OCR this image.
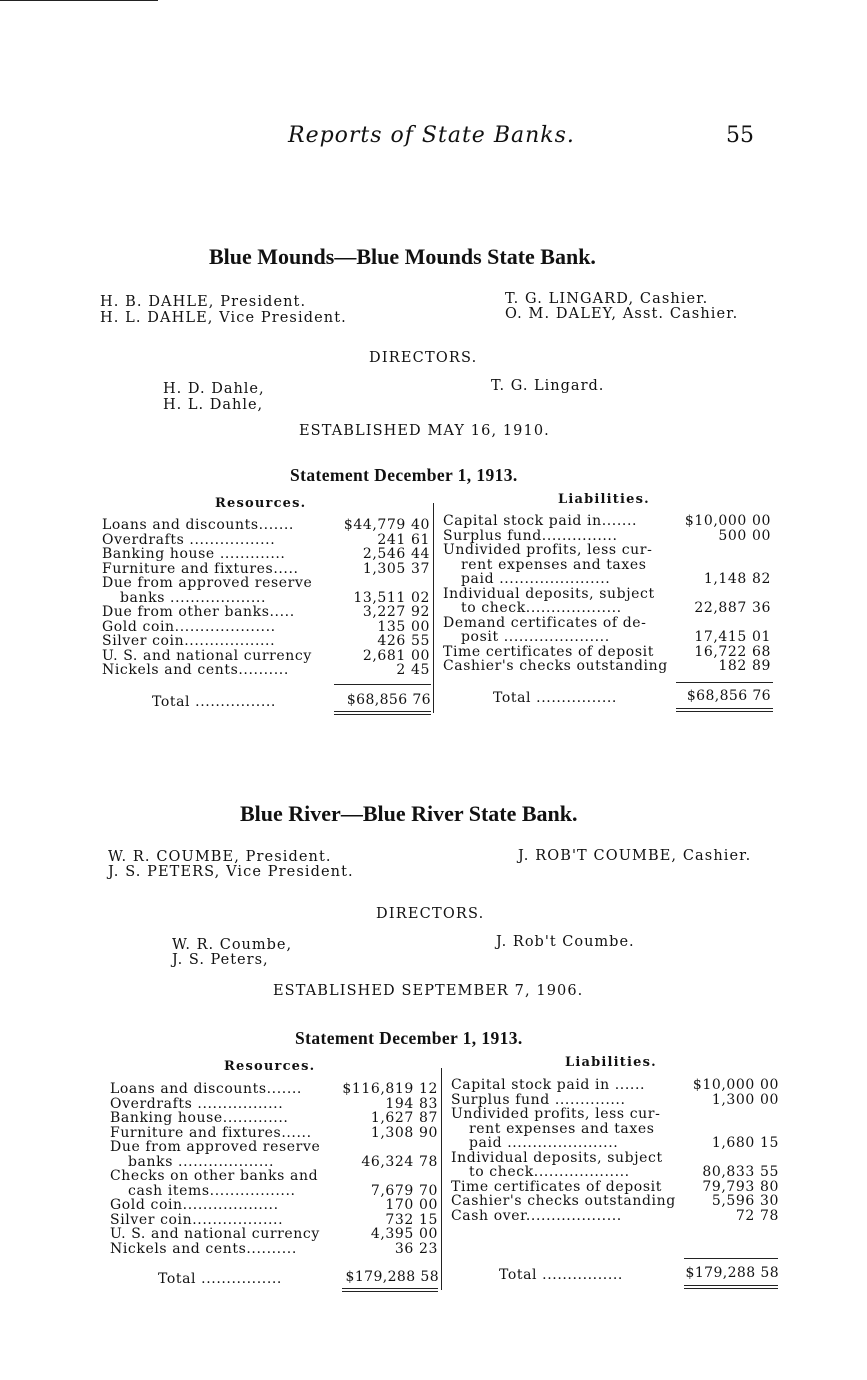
Reports of State Banks.	55
Blue Mounds—Blue Mounds State Bank.
H. B. DAHLE, President.
H. L. DAHLE, Vice President.
T. G. LINGARD, Cashier.
O. M. DALEY, Asst. Cashier.
DIRECTORS.
H. D. Dahle,
H. L. Dahle,
T. G. Lingard.
ESTABLISHED MAY 16, 1910.
Statement December 1, 1913.
Resources.	Liabilities.
Loans and discounts.......	$44,779 40
Overdrafts .................	241 61
Banking house .............	2,546 44
Furniture and fixtures.....	1,305 37
Due from approved reserve
banks ...................	13,511 02
Due from other banks.....	3,227 92
Gold coin....................	135 00
Silver coin..................	426 55
U. S. and national currency	2,681 00
Nickels and cents..........	2 45
Capital stock paid in.......	$10,000 00
Surplus fund...............	500 00
Undivided profits, less cur-
rent expenses and taxes
paid ......................	1,148 82
Individual deposits, subject
to check...................	22,887 36
Demand certificates of de-
posit .....................	17,415 01
Time certificates of deposit	16,722 68
Cashier's checks outstanding	182 89
Total ................	$68,856 76	Total ................	$68,856 76
Blue River—Blue River State Bank.
W. R. COUMBE, President.
J. S. PETERS, Vice President.
J. ROB'T COUMBE, Cashier.
DIRECTORS.
W. R. Coumbe,
J. S. Peters,
J. Rob't Coumbe.
ESTABLISHED SEPTEMBER 7, 1906.
Statement December 1, 1913.
Resources.	Liabilities.
Loans and discounts.......	$116,819 12
Overdrafts .................	194 83
Banking house.............	1,627 87
Furniture and fixtures......	1,308 90
Due from approved reserve
banks ...................	46,324 78
Checks on other banks and
cash items.................	7,679 70
Gold coin...................	170 00
Silver coin..................	732 15
U. S. and national currency	4,395 00
Nickels and cents..........	36 23
Capital stock paid in ......	$10,000 00
Surplus fund ..............	1,300 00
Undivided profits, less cur-
rent expenses and taxes
paid ......................	1,680 15
Individual deposits, subject
to check...................	80,833 55
Time certificates of deposit	79,793 80
Cashier's checks outstanding	5,596 30
Cash over...................	72 78
Total ................	$179,288 58	Total ................	$179,288 58
